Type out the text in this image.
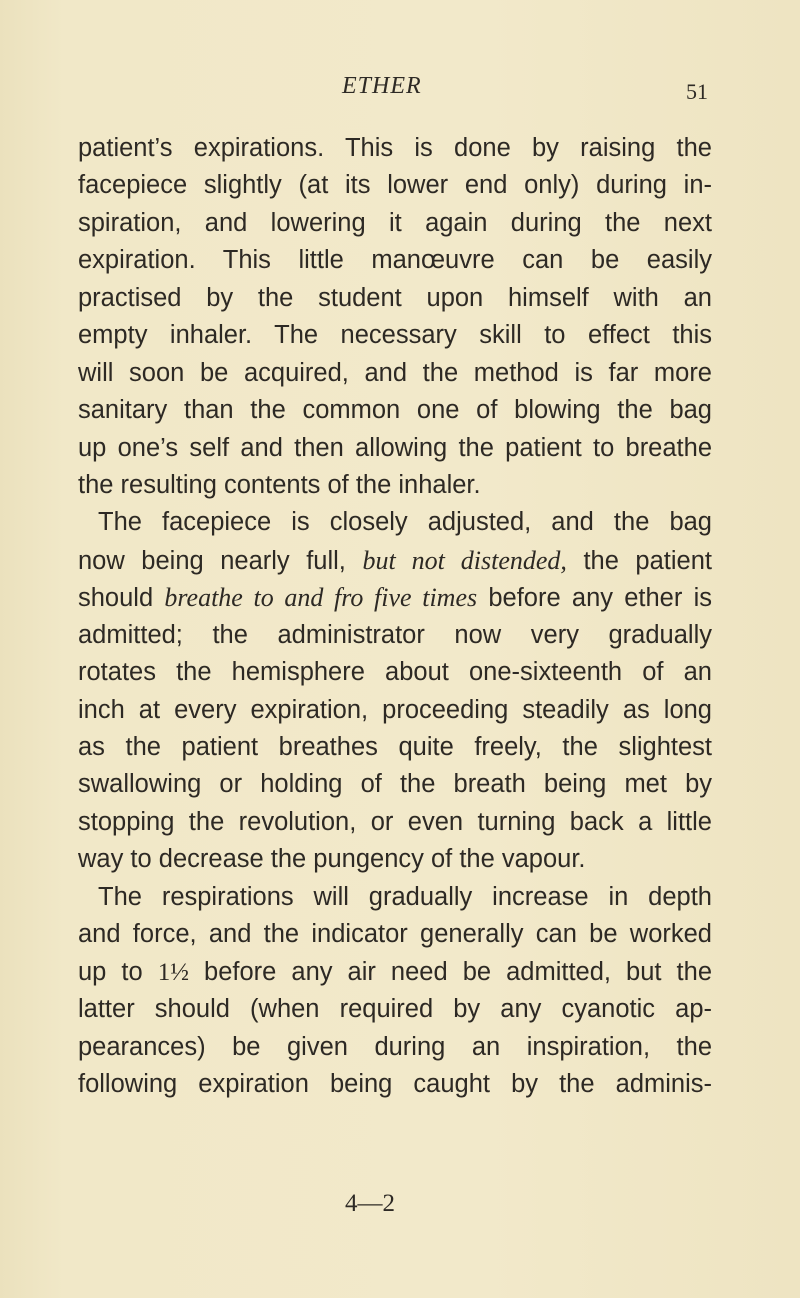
ETHER	51
patient’s expirations. This is done by raising the
facepiece slightly (at its lower end only) during in-
spiration, and lowering it again during the next
expiration. This little manœuvre can be easily
practised by the student upon himself with an
empty inhaler. The necessary skill to effect this
will soon be acquired, and the method is far more
sanitary than the common one of blowing the bag
up one’s self and then allowing the patient to breathe
the resulting contents of the inhaler.
The facepiece is closely adjusted, and the bag
now being nearly full, but not distended, the patient
should breathe to and fro five times before any ether is
admitted; the administrator now very gradually
rotates the hemisphere about one-sixteenth of an
inch at every expiration, proceeding steadily as long
as the patient breathes quite freely, the slightest
swallowing or holding of the breath being met by
stopping the revolution, or even turning back a little
way to decrease the pungency of the vapour.
The respirations will gradually increase in depth
and force, and the indicator generally can be worked
up to 1½ before any air need be admitted, but the
latter should (when required by any cyanotic ap-
pearances) be given during an inspiration, the
following expiration being caught by the adminis-
4—2
